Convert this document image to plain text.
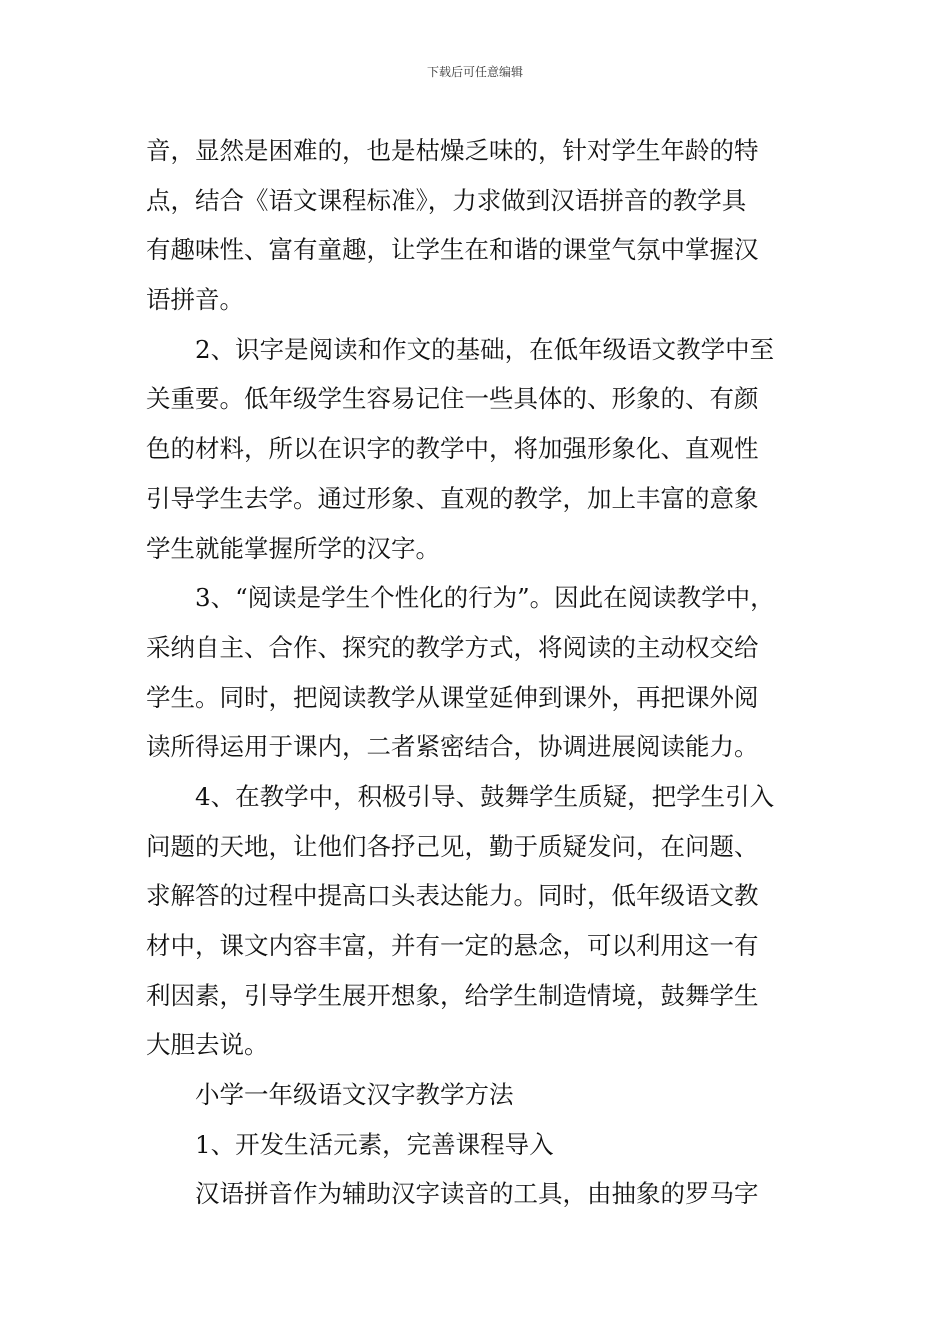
下载后可任意编辑
音，显然是困难的，也是枯燥乏味的，针对学生年龄的特
点，结合《语文课程标准》，力求做到汉语拼音的教学具
有趣味性、富有童趣，让学生在和谐的课堂气氛中掌握汉
语拼音。
2、识字是阅读和作文的基础，在低年级语文教学中至
关重要。低年级学生容易记住一些具体的、形象的、有颜
色的材料，所以在识字的教学中，将加强形象化、直观性
引导学生去学。通过形象、直观的教学，加上丰富的意象
学生就能掌握所学的汉字。
3、“阅读是学生个性化的行为”。因此在阅读教学中，
采纳自主、合作、探究的教学方式，将阅读的主动权交给
学生。同时，把阅读教学从课堂延伸到课外，再把课外阅
读所得运用于课内，二者紧密结合，协调进展阅读能力。
4、在教学中，积极引导、鼓舞学生质疑，把学生引入
问题的天地，让他们各抒己见，勤于质疑发问，在问题、
求解答的过程中提高口头表达能力。同时，低年级语文教
材中，课文内容丰富，并有一定的悬念，可以利用这一有
利因素，引导学生展开想象，给学生制造情境，鼓舞学生
大胆去说。
小学一年级语文汉字教学方法
1、开发生活元素，完善课程导入
汉语拼音作为辅助汉字读音的工具，由抽象的罗马字
